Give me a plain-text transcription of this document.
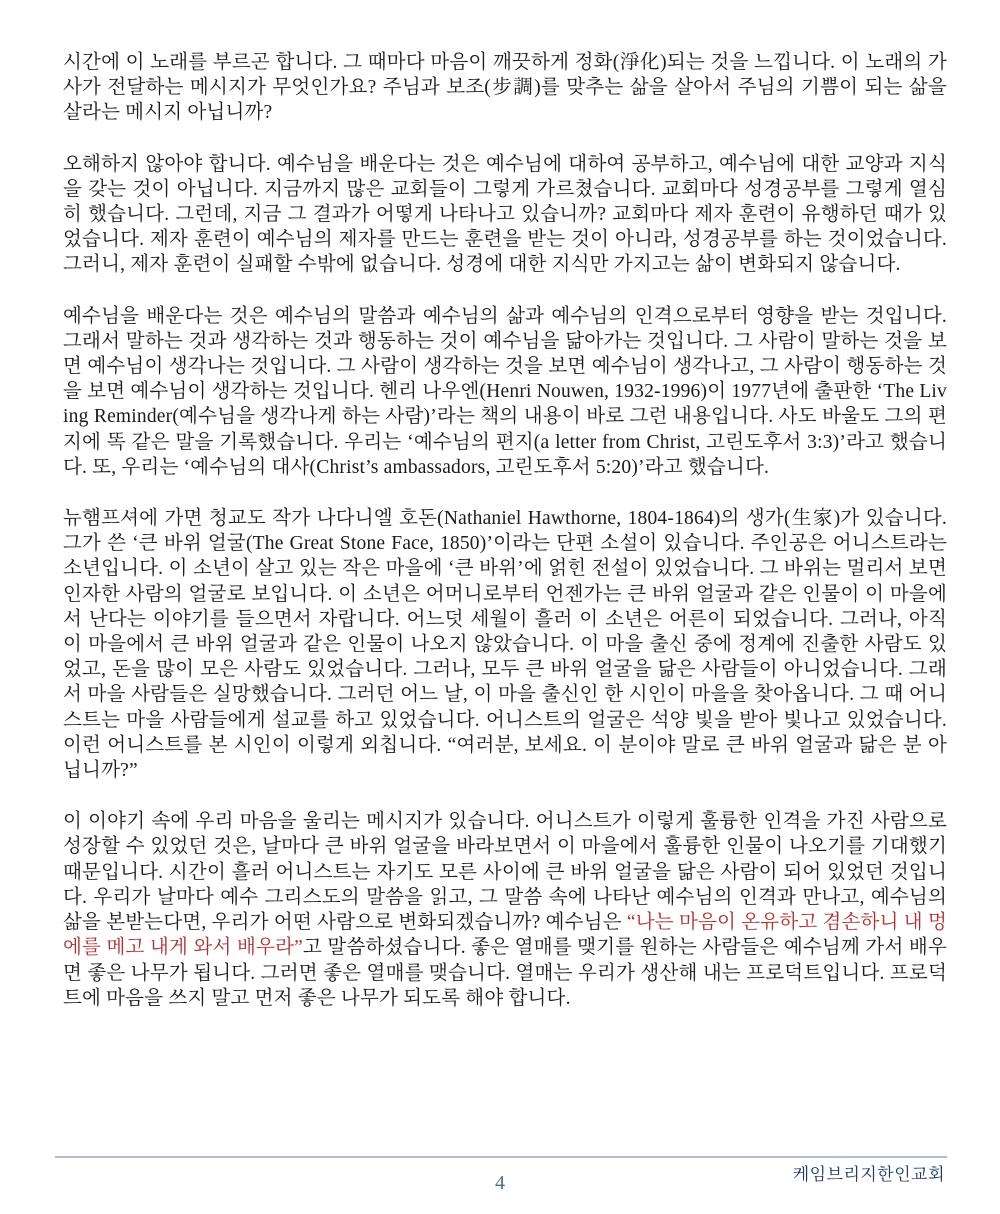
시간에 이 노래를 부르곤 합니다. 그 때마다 마음이 깨끗하게 정화(淨化)되는 것을 느낍니다. 이 노래의 가사가 전달하는 메시지가 무엇인가요? 주님과 보조(步調)를 맞추는 삶을 살아서 주님의 기쁨이 되는 삶을 살라는 메시지 아닙니까?

오해하지 않아야 합니다. 예수님을 배운다는 것은 예수님에 대하여 공부하고, 예수님에 대한 교양과 지식을 갖는 것이 아닙니다. 지금까지 많은 교회들이 그렇게 가르쳤습니다. 교회마다 성경공부를 그렇게 열심히 했습니다. 그런데, 지금 그 결과가 어떻게 나타나고 있습니까? 교회마다 제자 훈련이 유행하던 때가 있었습니다. 제자 훈련이 예수님의 제자를 만드는 훈련을 받는 것이 아니라, 성경공부를 하는 것이었습니다. 그러니, 제자 훈련이 실패할 수밖에 없습니다. 성경에 대한 지식만 가지고는 삶이 변화되지 않습니다.

예수님을 배운다는 것은 예수님의 말씀과 예수님의 삶과 예수님의 인격으로부터 영향을 받는 것입니다. 그래서 말하는 것과 생각하는 것과 행동하는 것이 예수님을 닮아가는 것입니다. 그 사람이 말하는 것을 보면 예수님이 생각나는 것입니다. 그 사람이 생각하는 것을 보면 예수님이 생각나고, 그 사람이 행동하는 것을 보면 예수님이 생각하는 것입니다. 헨리 나우엔(Henri Nouwen, 1932-1996)이 1977년에 출판한 ‘The Living Reminder(예수님을 생각나게 하는 사람)’라는 책의 내용이 바로 그런 내용입니다. 사도 바울도 그의 편지에 똑 같은 말을 기록했습니다. 우리는 ‘예수님의 편지(a letter from Christ, 고린도후서 3:3)’라고 했습니다. 또, 우리는 ‘예수님의 대사(Christ’s ambassadors, 고린도후서 5:20)’라고 했습니다.

뉴햄프셔에 가면 청교도 작가 나다니엘 호돈(Nathaniel Hawthorne, 1804-1864)의 생가(生家)가 있습니다. 그가 쓴 ‘큰 바위 얼굴(The Great Stone Face, 1850)’이라는 단편 소설이 있습니다. 주인공은 어니스트라는 소년입니다. 이 소년이 살고 있는 작은 마을에 ‘큰 바위’에 얽힌 전설이 있었습니다. 그 바위는 멀리서 보면 인자한 사람의 얼굴로 보입니다. 이 소년은 어머니로부터 언젠가는 큰 바위 얼굴과 같은 인물이 이 마을에서 난다는 이야기를 들으면서 자랍니다. 어느덧 세월이 흘러 이 소년은 어른이 되었습니다. 그러나, 아직 이 마을에서 큰 바위 얼굴과 같은 인물이 나오지 않았습니다. 이 마을 출신 중에 정계에 진출한 사람도 있었고, 돈을 많이 모은 사람도 있었습니다. 그러나, 모두 큰 바위 얼굴을 닮은 사람들이 아니었습니다. 그래서 마을 사람들은 실망했습니다. 그러던 어느 날, 이 마을 출신인 한 시인이 마을을 찾아옵니다. 그 때 어니스트는 마을 사람들에게 설교를 하고 있었습니다. 어니스트의 얼굴은 석양 빛을 받아 빛나고 있었습니다. 이런 어니스트를 본 시인이 이렇게 외칩니다. “여러분, 보세요. 이 분이야 말로 큰 바위 얼굴과 닮은 분 아닙니까?”

이 이야기 속에 우리 마음을 울리는 메시지가 있습니다. 어니스트가 이렇게 훌륭한 인격을 가진 사람으로 성장할 수 있었던 것은, 날마다 큰 바위 얼굴을 바라보면서 이 마을에서 훌륭한 인물이 나오기를 기대했기 때문입니다. 시간이 흘러 어니스트는 자기도 모른 사이에 큰 바위 얼굴을 닮은 사람이 되어 있었던 것입니다. 우리가 날마다 예수 그리스도의 말씀을 읽고, 그 말씀 속에 나타난 예수님의 인격과 만나고, 예수님의 삶을 본받는다면, 우리가 어떤 사람으로 변화되겠습니까? 예수님은 “나는 마음이 온유하고 겸손하니 내 멍에를 메고 내게 와서 배우라”고 말씀하셨습니다. 좋은 열매를 맺기를 원하는 사람들은 예수님께 가서 배우면 좋은 나무가 됩니다. 그러면 좋은 열매를 맺습니다. 열매는 우리가 생산해 내는 프로덕트입니다. 프로덕트에 마음을 쓰지 말고 먼저 좋은 나무가 되도록 해야 합니다.

케임브리지한인교회
4
